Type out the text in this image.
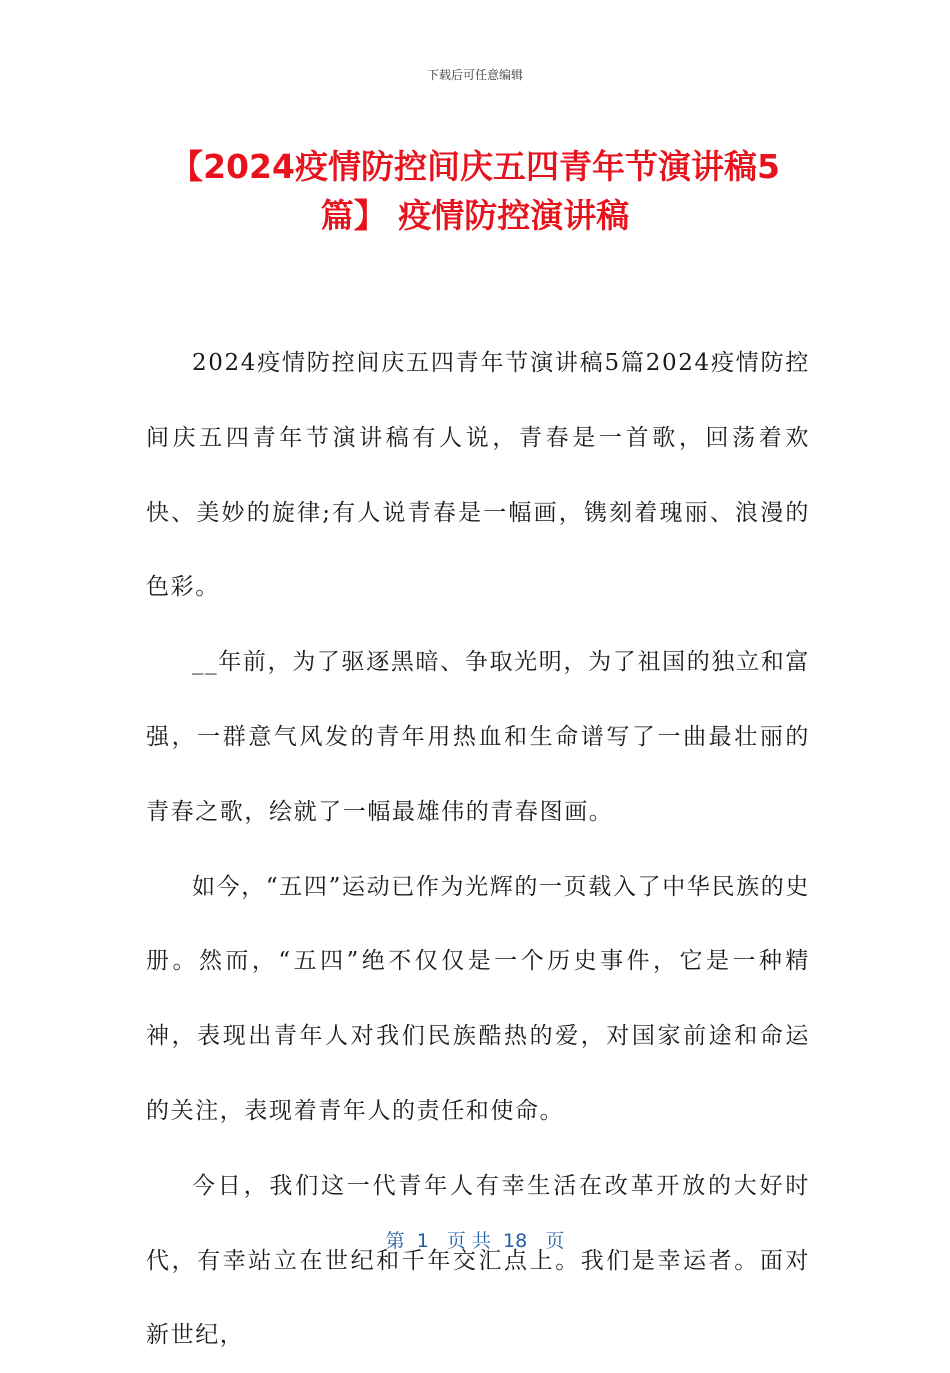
下载后可任意编辑
【2024疫情防控间庆五四青年节演讲稿5
篇】 疫情防控演讲稿

2024疫情防控间庆五四青年节演讲稿5篇2024疫情防控间庆五四青年节演讲稿有人说，青春是一首歌，回荡着欢快、美妙的旋律;有人说青春是一幅画，镌刻着瑰丽、浪漫的色彩。

__年前，为了驱逐黑暗、争取光明，为了祖国的独立和富强，一群意气风发的青年用热血和生命谱写了一曲最壮丽的青春之歌，绘就了一幅最雄伟的青春图画。

如今，“五四”运动已作为光辉的一页载入了中华民族的史册。然而，“五四”绝不仅仅是一个历史事件，它是一种精神，表现出青年人对我们民族酷热的爱，对国家前途和命运的关注，表现着青年人的责任和使命。

今日，我们这一代青年人有幸生活在改革开放的大好时代，有幸站立在世纪和千年交汇点上。我们是幸运者。面对新世纪，

第  1   页 共  18   页
